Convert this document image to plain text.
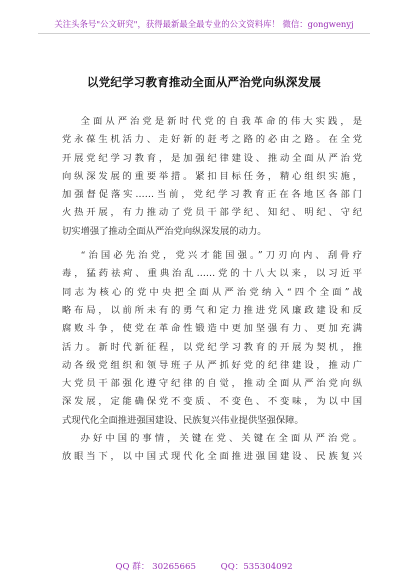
关注头条号"公文研究"，获得最新最全最专业的公文资料库！ 微信：gongwenyj
以党纪学习教育推动全面从严治党向纵深发展
全面从严治党是新时代党的自我革命的伟大实践，是
党永葆生机活力、走好新的赶考之路的必由之路。在全党
开展党纪学习教育，是加强纪律建设、推动全面从严治党
向纵深发展的重要举措。紧扣目标任务，精心组织实施，
加强督促落实……当前，党纪学习教育正在各地区各部门
火热开展，有力推动了党员干部学纪、知纪、明纪、守纪
切实增强了推动全面从严治党向纵深发展的动力。
“治国必先治党，党兴才能国强。”刀刃向内、刮骨疗
毒，猛药祛疴、重典治乱……党的十八大以来，以习近平
同志为核心的党中央把全面从严治党纳入“四个全面”战
略布局，以前所未有的勇气和定力推进党风廉政建设和反
腐败斗争，使党在革命性锻造中更加坚强有力、更加充满
活力。新时代新征程，以党纪学习教育的开展为契机，推
动各级党组织和领导班子从严抓好党的纪律建设，推动广
大党员干部强化遵守纪律的自觉，推动全面从严治党向纵
深发展，定能确保党不变质、不变色、不变味，为以中国
式现代化全面推进强国建设、民族复兴伟业提供坚强保障。
办好中国的事情，关键在党、关键在全面从严治党。
放眼当下，以中国式现代化全面推进强国建设、民族复兴
QQ 群： 30265665	QQ：535304092
